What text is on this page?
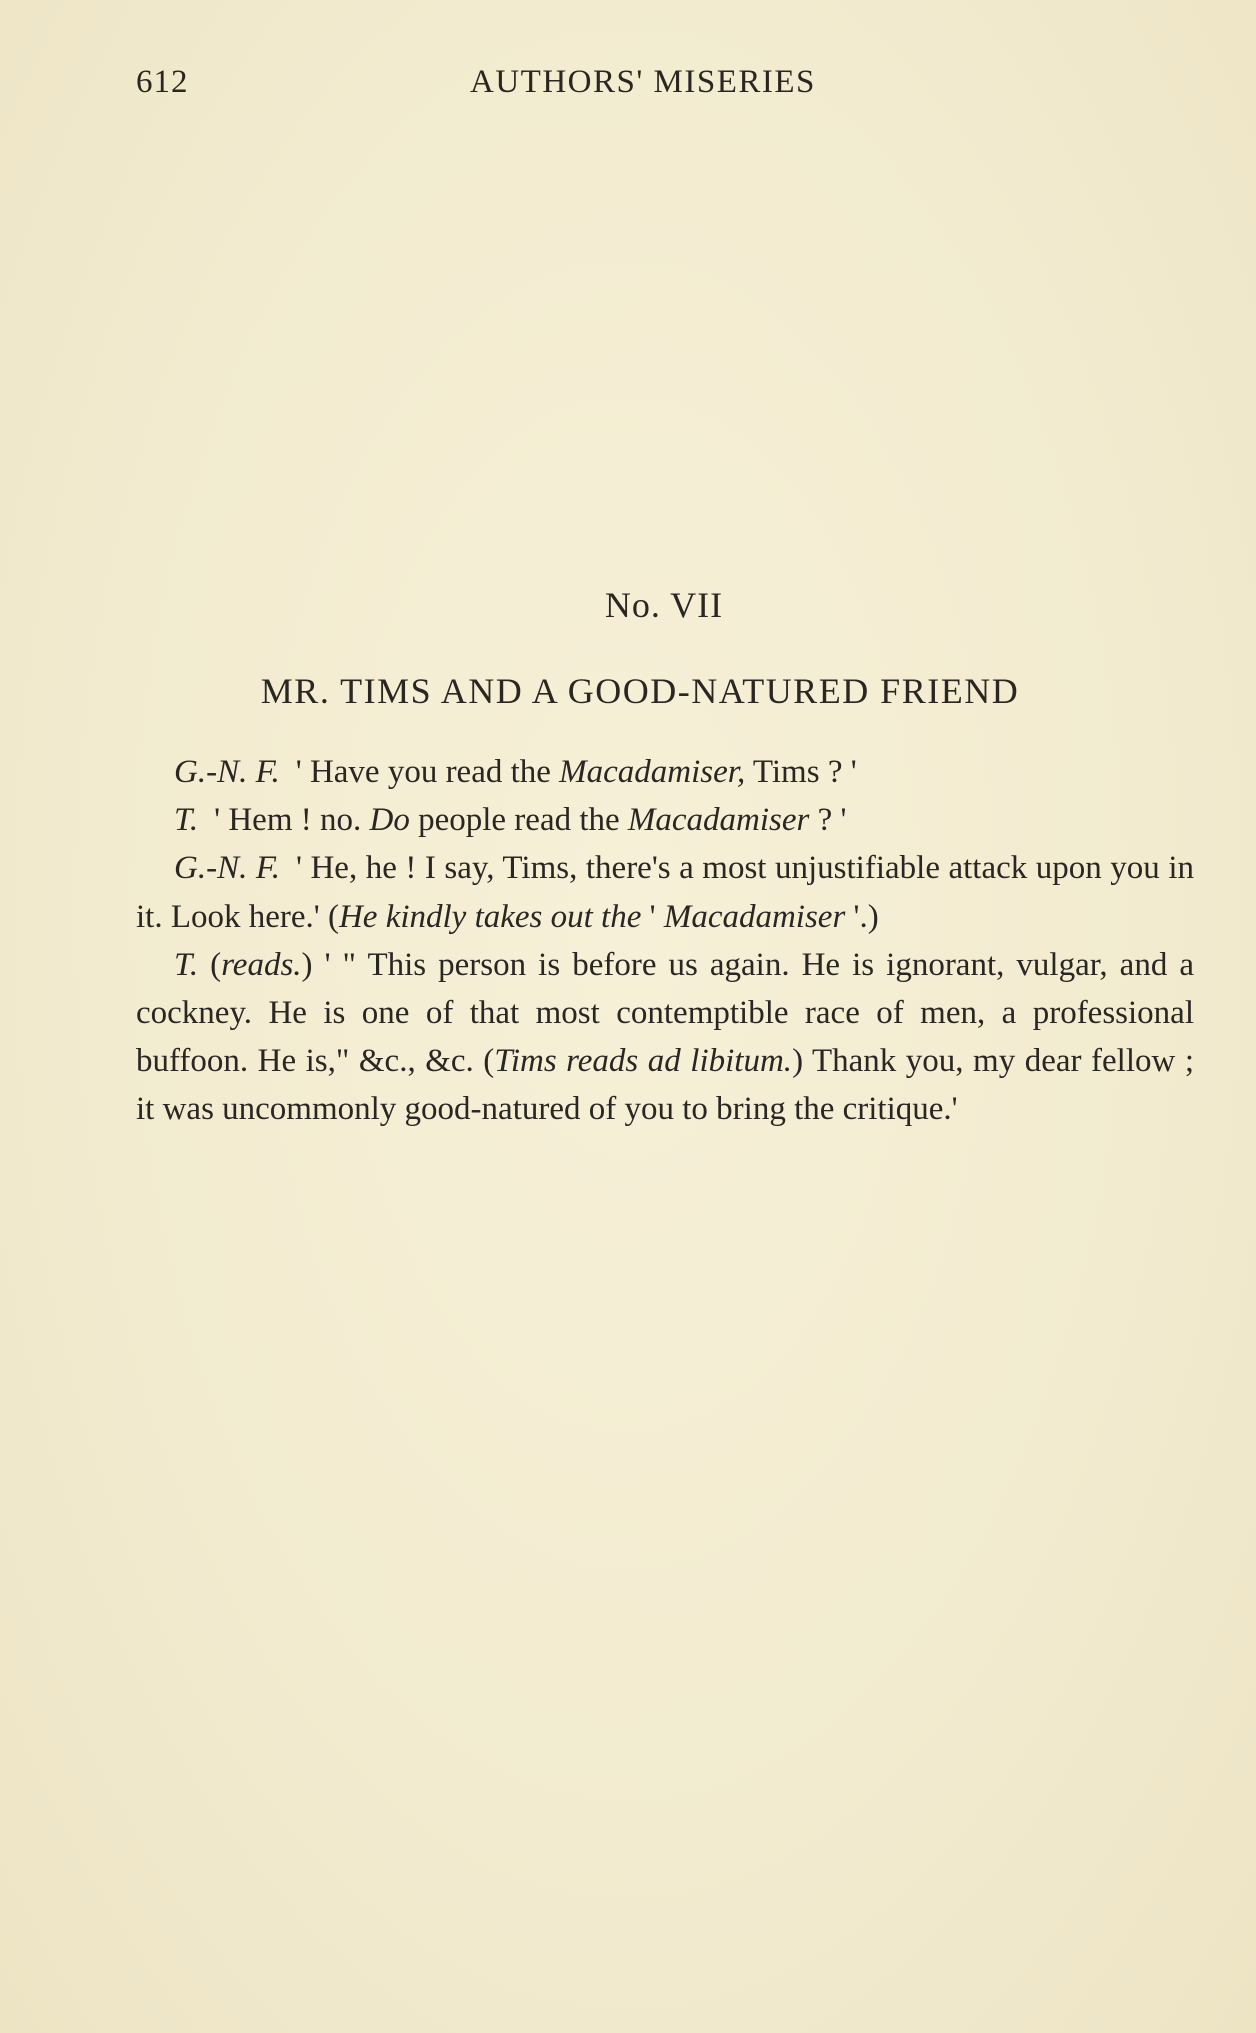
612	AUTHORS' MISERIES
No. VII
MR. TIMS AND A GOOD-NATURED FRIEND

G.-N. F. ' Have you read the Macadamiser, Tims ? '

T. ' Hem ! no. Do people read the Macadamiser ? '

G.-N. F. ' He, he ! I say, Tims, there's a most unjustifiable attack upon you in it. Look here.' (He kindly takes out the ' Macadamiser '.)

T. (reads.) ' " This person is before us again. He is ignorant, vulgar, and a cockney. He is one of that most contemptible race of men, a professional buffoon. He is," &c., &c. (Tims reads ad libitum.) Thank you, my dear fellow ; it was uncommonly good-natured of you to bring the critique.'
